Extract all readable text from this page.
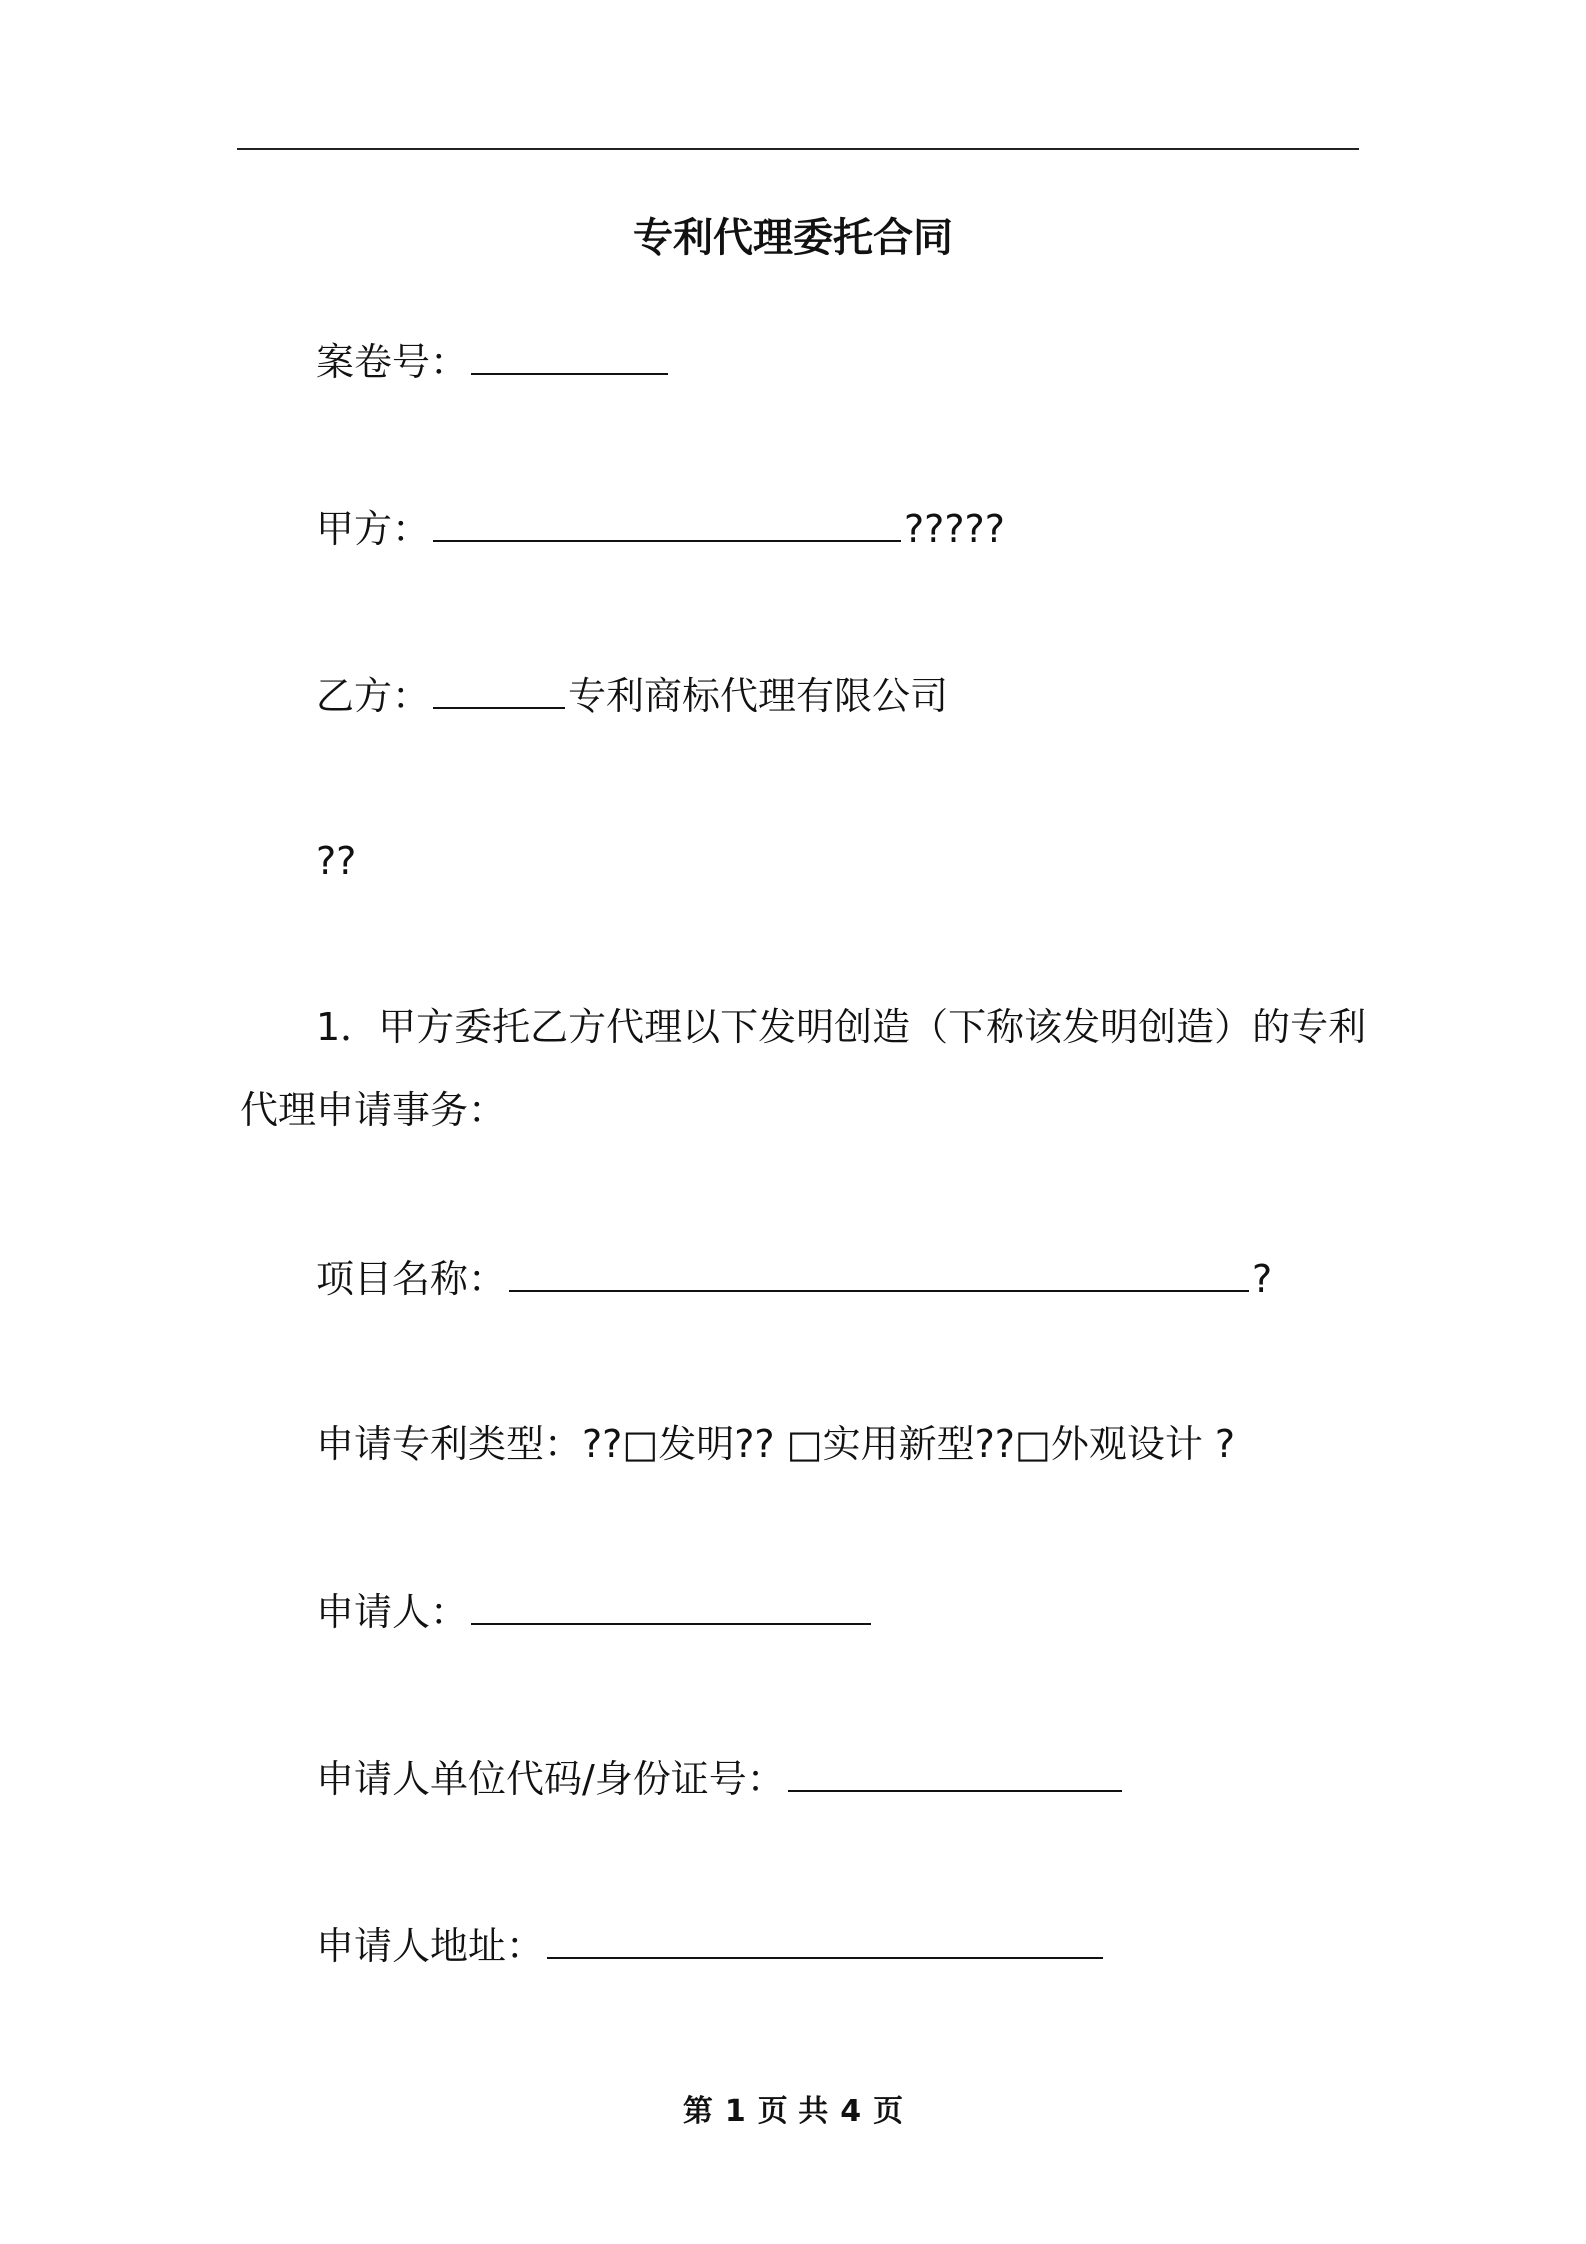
专利代理委托合同
案卷号：
甲方：	?????
乙方：	专利商标代理有限公司
??
1．甲方委托乙方代理以下发明创造（下称该发明创造）的专利
代理申请事务：
项目名称：	?
申请专利类型：??□发明?? □实用新型??□外观设计 ?
申请人：
申请人单位代码/身份证号：
申请人地址：
第 1 页 共 4 页
